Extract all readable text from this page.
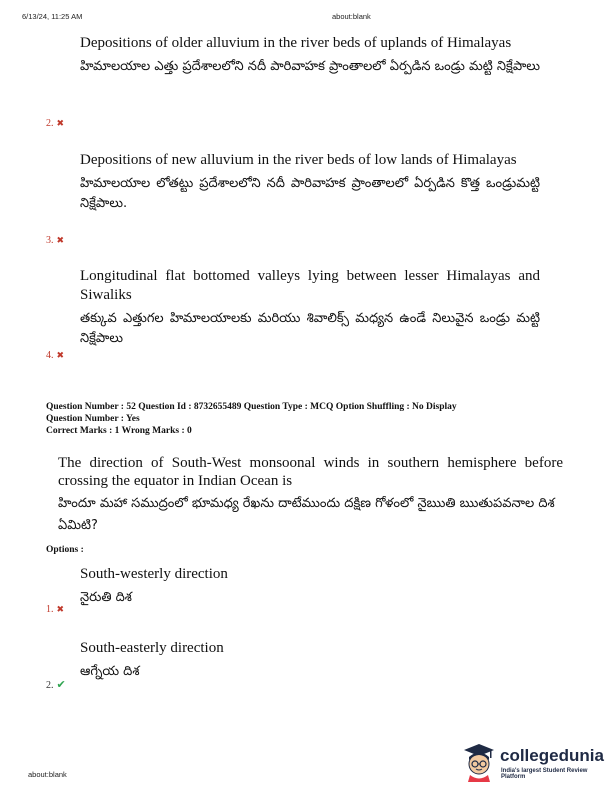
6/13/24, 11:25 AM	about:blank
Depositions of older alluvium in the river beds of uplands of Himalayas
హిమాలయాల ఎత్తు ప్రదేశాలలోని నదీ పారివాహక ప్రాంతాలలో ఏర్పడిన ఒండ్రు మట్టి నిక్షేపాలు
2. ✖
Depositions of new alluvium in the river beds of low lands of Himalayas
హిమాలయాల లోతట్టు ప్రదేశాలలోని నదీ పారివాహక ప్రాంతాలలో ఏర్పడిన కొత్త ఒండ్రుమట్టి నిక్షేపాలు.
3. ✖
Longitudinal flat bottomed valleys lying between lesser Himalayas and Siwaliks
తక్కువ ఎత్తుగల హిమాలయాలకు మరియు శివాలిక్స్ మధ్యన ఉండే నిలువైన ఒండ్రు మట్టి నిక్షేపాలు
4. ✖
Question Number : 52 Question Id : 8732655489 Question Type : MCQ Option Shuffling : No Display
Question Number : Yes
Correct Marks : 1 Wrong Marks : 0
The direction of South-West monsoonal winds in southern hemisphere before crossing the equator in Indian Ocean is
హిందూ మహా సముద్రంలో భూమధ్య రేఖను దాటేముందు దక్షిణ గోళంలో నైఋతి ఋతుపవనాల దిశ ఏమిటి?
Options :
South-westerly direction
నైరుతి దిశ
1. ✖
South-easterly direction
ఆగ్నేయ దిశ
2. ✔
about:blank
collegedunia
India's largest Student Review Platform
